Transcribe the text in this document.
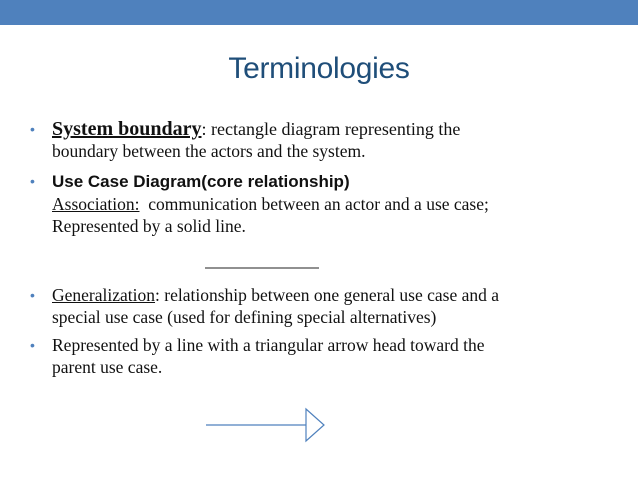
Terminologies
• System boundary: rectangle diagram representing the
boundary between the actors and the system.
• Use Case Diagram(core relationship)
Association:  communication between an actor and a use case;
Represented by a solid line.
• Generalization: relationship between one general use case and a
special use case (used for defining special alternatives)
• Represented by a line with a triangular arrow head toward the
parent use case.
